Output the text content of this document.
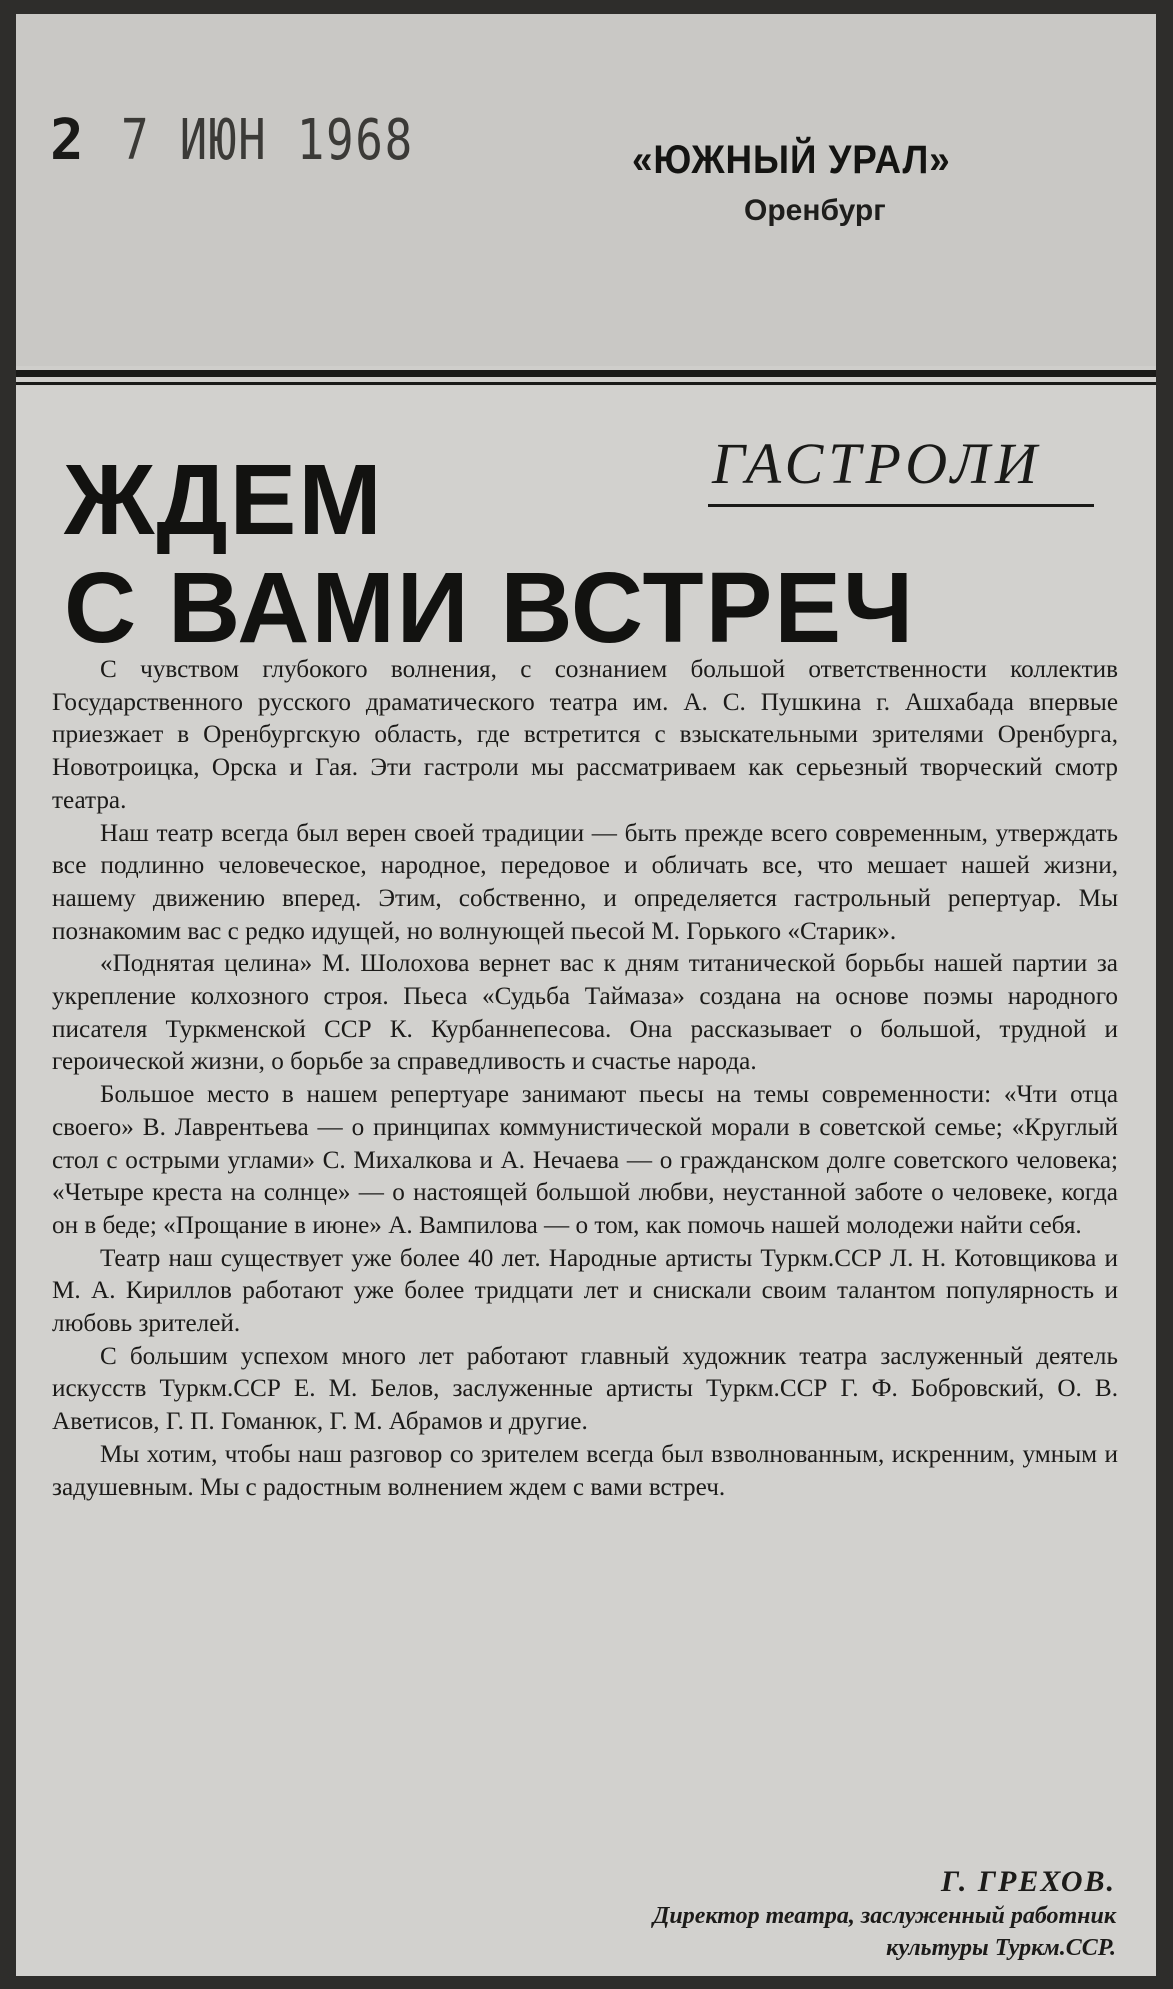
2 7 ИЮН 1968	«ЮЖНЫЙ УРАЛ»
Оренбург
ЖДЕМ
С ВАМИ ВСТРЕЧ
ГАСТРОЛИ

С чувством глубокого волнения, с сознанием большой ответственности коллектив Государственного русского драматического театра им. А. С. Пушкина г. Ашхабада впервые приезжает в Оренбургскую область, где встретится с взыскательными зрителями Оренбурга, Новотроицка, Орска и Гая. Эти гастроли мы рассматриваем как серьезный творческий смотр театра.

Наш театр всегда был верен своей традиции — быть прежде всего современным, утверждать все подлинно человеческое, народное, передовое и обличать все, что мешает нашей жизни, нашему движению вперед. Этим, собственно, и определяется гастрольный репертуар. Мы познакомим вас с редко идущей, но волнующей пьесой М. Горького «Старик».

«Поднятая целина» М. Шолохова вернет вас к дням титанической борьбы нашей партии за укрепление колхозного строя. Пьеса «Судьба Таймаза» создана на основе поэмы народного писателя Туркменской ССР К. Курбаннепесова. Она рассказывает о большой, трудной и героической жизни, о борьбе за справедливость и счастье народа.

Большое место в нашем репертуаре занимают пьесы на темы современности: «Чти отца своего» В. Лаврентьева — о принципах коммунистической морали в советской семье; «Круглый стол с острыми углами» С. Михалкова и А. Нечаева — о гражданском долге советского человека; «Четыре креста на солнце» — о настоящей большой любви, неустанной заботе о человеке, когда он в беде; «Прощание в июне» А. Вампилова — о том, как помочь нашей молодежи найти себя.

Театр наш существует уже более 40 лет. Народные артисты Туркм.ССР Л. Н. Котовщикова и М. А. Кириллов работают уже более тридцати лет и снискали своим талантом популярность и любовь зрителей.

С большим успехом много лет работают главный художник театра заслуженный деятель искусств Туркм.ССР Е. М. Белов, заслуженные артисты Туркм.ССР Г. Ф. Бобровский, О. В. Аветисов, Г. П. Гоманюк, Г. М. Абрамов и другие.

Мы хотим, чтобы наш разговор со зрителем всегда был взволнованным, искренним, умным и задушевным. Мы с радостным волнением ждем с вами встреч.

Г. ГРЕХОВ.
Директор театра, заслуженный работник
культуры Туркм.ССР.
